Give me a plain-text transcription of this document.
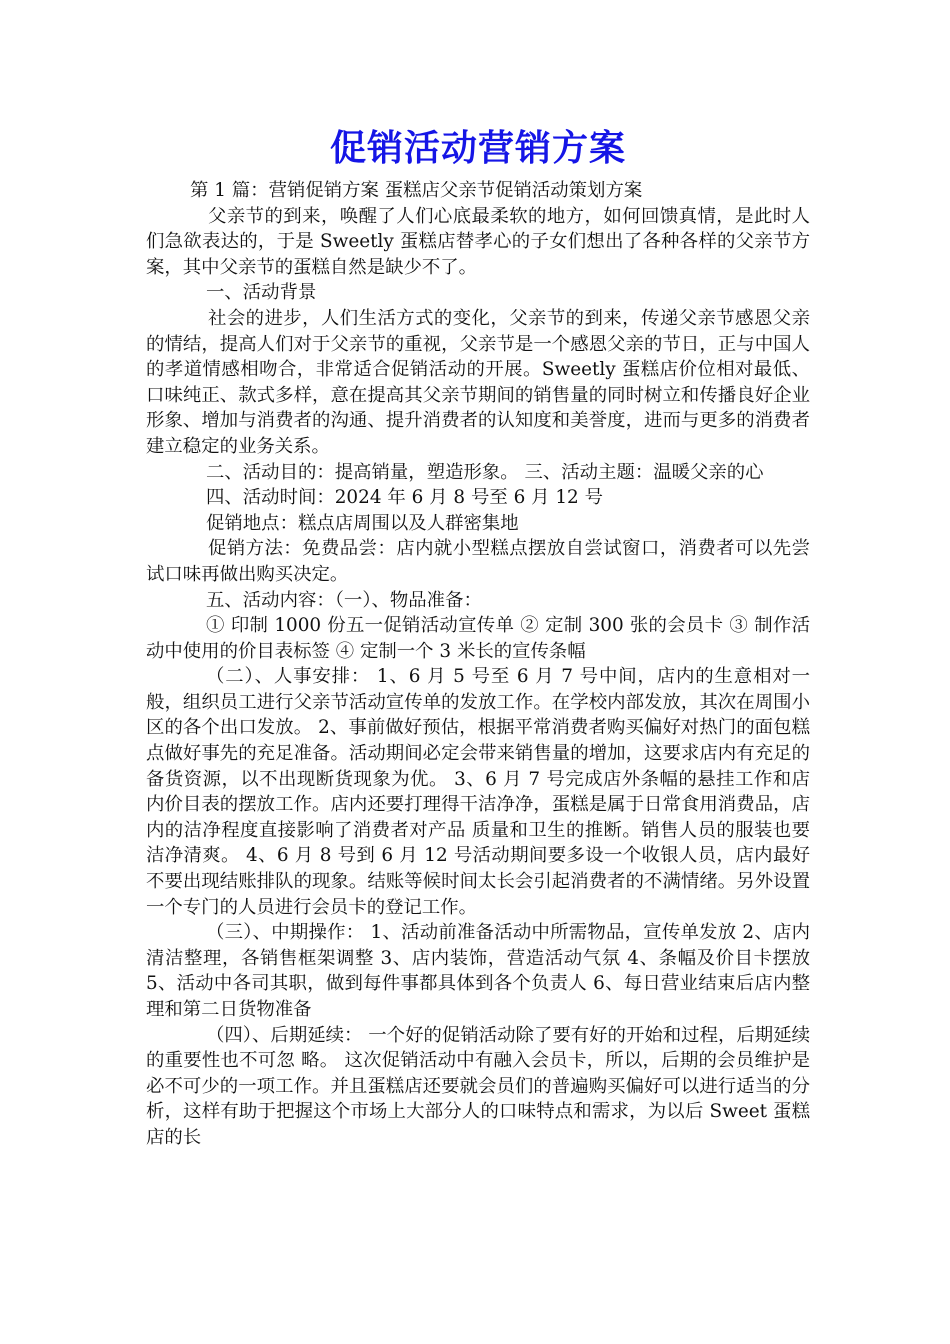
促销活动营销方案

第 1 篇：营销促销方案 蛋糕店父亲节促销活动策划方案

父亲节的到来，唤醒了人们心底最柔软的地方，如何回馈真情，是此时人们急欲表达的，于是 Sweetly 蛋糕店替孝心的子女们想出了各种各样的父亲节方案，其中父亲节的蛋糕自然是缺少不了。

一、活动背景

社会的进步，人们生活方式的变化，父亲节的到来，传递父亲节感恩父亲的情结，提高人们对于父亲节的重视，父亲节是一个感恩父亲的节日，正与中国人的孝道情感相吻合，非常适合促销活动的开展。Sweetly 蛋糕店价位相对最低、口味纯正、款式多样，意在提高其父亲节期间的销售量的同时树立和传播良好企业形象、增加与消费者的沟通、提升消费者的认知度和美誉度，进而与更多的消费者建立稳定的业务关系。

二、活动目的：提高销量，塑造形象。 三、活动主题：温暖父亲的心

四、活动时间：2024 年 6 月 8 号至 6 月 12 号

促销地点：糕点店周围以及人群密集地

促销方法：免费品尝：店内就小型糕点摆放自尝试窗口，消费者可以先尝试口味再做出购买决定。

五、活动内容：（一）、物品准备：

① 印制 1000 份五一促销活动宣传单 ② 定制 300 张的会员卡 ③ 制作活动中使用的价目表标签 ④ 定制一个 3 米长的宣传条幅

（二）、人事安排： 1、6 月 5 号至 6 月 7 号中间，店内的生意相对一般，组织员工进行父亲节活动宣传单的发放工作。在学校内部发放，其次在周围小区的各个出口发放。 2、事前做好预估，根据平常消费者购买偏好对热门的面包糕点做好事先的充足准备。活动期间必定会带来销售量的增加，这要求店内有充足的备货资源，以不出现断货现象为优。 3、6 月 7 号完成店外条幅的悬挂工作和店内价目表的摆放工作。店内还要打理得干洁净净，蛋糕是属于日常食用消费品，店内的洁净程度直接影响了消费者对产品 质量和卫生的推断。销售人员的服装也要洁净清爽。 4、6 月 8 号到 6 月 12 号活动期间要多设一个收银人员，店内最好不要出现结账排队的现象。结账等候时间太长会引起消费者的不满情绪。另外设置一个专门的人员进行会员卡的登记工作。

（三）、中期操作： 1、活动前准备活动中所需物品，宣传单发放 2、店内清洁整理，各销售框架调整 3、店内装饰，营造活动气氛 4、条幅及价目卡摆放 5、活动中各司其职，做到每件事都具体到各个负责人 6、每日营业结束后店内整理和第二日货物准备

（四）、后期延续： 一个好的促销活动除了要有好的开始和过程，后期延续的重要性也不可忽 略。 这次促销活动中有融入会员卡，所以，后期的会员维护是必不可少的一项工作。并且蛋糕店还要就会员们的普遍购买偏好可以进行适当的分析，这样有助于把握这个市场上大部分人的口味特点和需求，为以后 Sweet 蛋糕店的长
